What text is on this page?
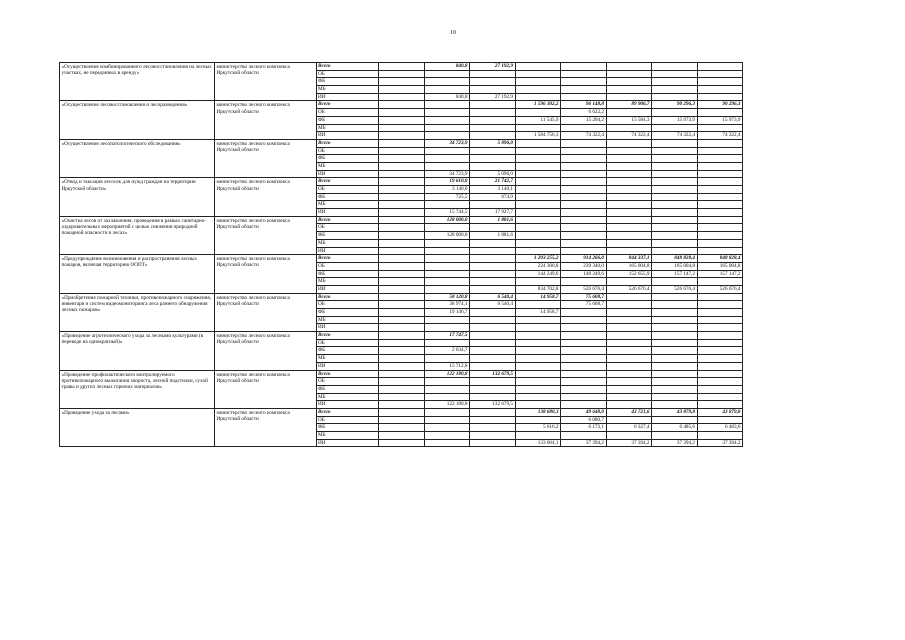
10
«Осуществление комбинированного лесовосстановления на лесных участках, не переданных в аренду»	министерство лесного комплекса Иркутской области	Всего		840,8	27 192,9					
		ОБ								
		ФБ								
		МБ								
		ИИ		840,8	27 192,9					
«Осуществление лесовосстановления и лесоразведения»	министерство лесного комплекса Иркутской области	Всего				1 596 302,2	96 148,8	89 906,7	90 296,3	90 296,3
		ОБ					6 622,2			
		ФБ				11 545,9	15 204,2	15 584,3	15 973,9	15 973,9
		МБ								
		ИИ				1 584 756,3	74 322,4	74 322,4	74 322,4	74 322,4
«Осуществление лесопатологического обследования»	министерство лесного комплекса Иркутской области	Всего		34 723,9	5 096,0					
		ОБ								
		ФБ								
		МБ								
		ИИ		34 723,9	5 096,0					
«Отвод и таксация лесосек для нужд граждан на территории Иркутской области»	министерство лесного комплекса Иркутской области	Всего		19 610,0	21 742,7					
		ОБ		3 140,0	3 140,1					
		ФБ		725,5	674,9					
		МБ								
		ИИ		15 744,5	17 927,7					
«Очистка лесов от захламления, проведения в рамках санитарно-оздоровительных мероприятий с целью снижения природной пожарной опасности в лесах»	министерство лесного комплекса Иркутской области	Всего		128 000,0	1 881,6					
		ОБ								
		ФБ		128 000,0	1 881,6					
		МБ								
		ИИ								
«Предупреждение возникновения и распространения лесных пожаров, включая территорию ООПТ»	министерство лесного комплекса Иркутской области	Всего				1 203 255,2	914 266,0	844 337,1	848 828,4	848 828,4
		ОБ				224 300,8	239 340,0	165 004,8	165 004,8	165 004,8
		ФБ				144 249,6	148 249,6	152 655,9	157 147,2	157 147,2
		МБ								
		ИИ				834 702,8	526 676,4	526 676,4	526 676,4	526 676,4
«Приобретение пожарной техники, противопожарного снаряжения, инвентаря и систем видеомониторинга леса раннего обнаружения лесных пожаров»	министерство лесного комплекса Иркутской области	Всего		58 120,8	6 540,4	14 958,7	75 608,7			
		ОБ		38 974,1	6 540,4		75 608,7			
		ФБ		19 146,7		14 958,7				
		МБ								
		ИИ								
«Проведение агротехнического ухода за лесными культурами (в переводе на однократный)»	министерство лесного комплекса Иркутской области	Всего		17 747,5						
		ОБ								
		ФБ		2 034,7						
		МБ								
		ИИ		15 712,8						
«Проведение профилактического контролируемого противопожарного выжигания хвороста, лесной подстилки, сухой травы и других лесных горючих материалов»	министерство лесного комплекса Иркутской области	Всего		122 180,8	132 679,5					
		ОБ								
		ФБ								
		МБ								
		ИИ		122 180,8	132 679,5					
«Проведение ухода за лесами»	министерство лесного комплекса Иркутской области	Всего				138 680,3	49 648,0	43 721,6	43 879,8	43 879,8
		ОБ					6 080,7			
		ФБ				5 616,2	6 173,1	6 327,4	6 485,6	6 483,6
		МБ								
		ИИ				133 064,1	37 394,2	37 394,2	37 394,2	37 394,2
